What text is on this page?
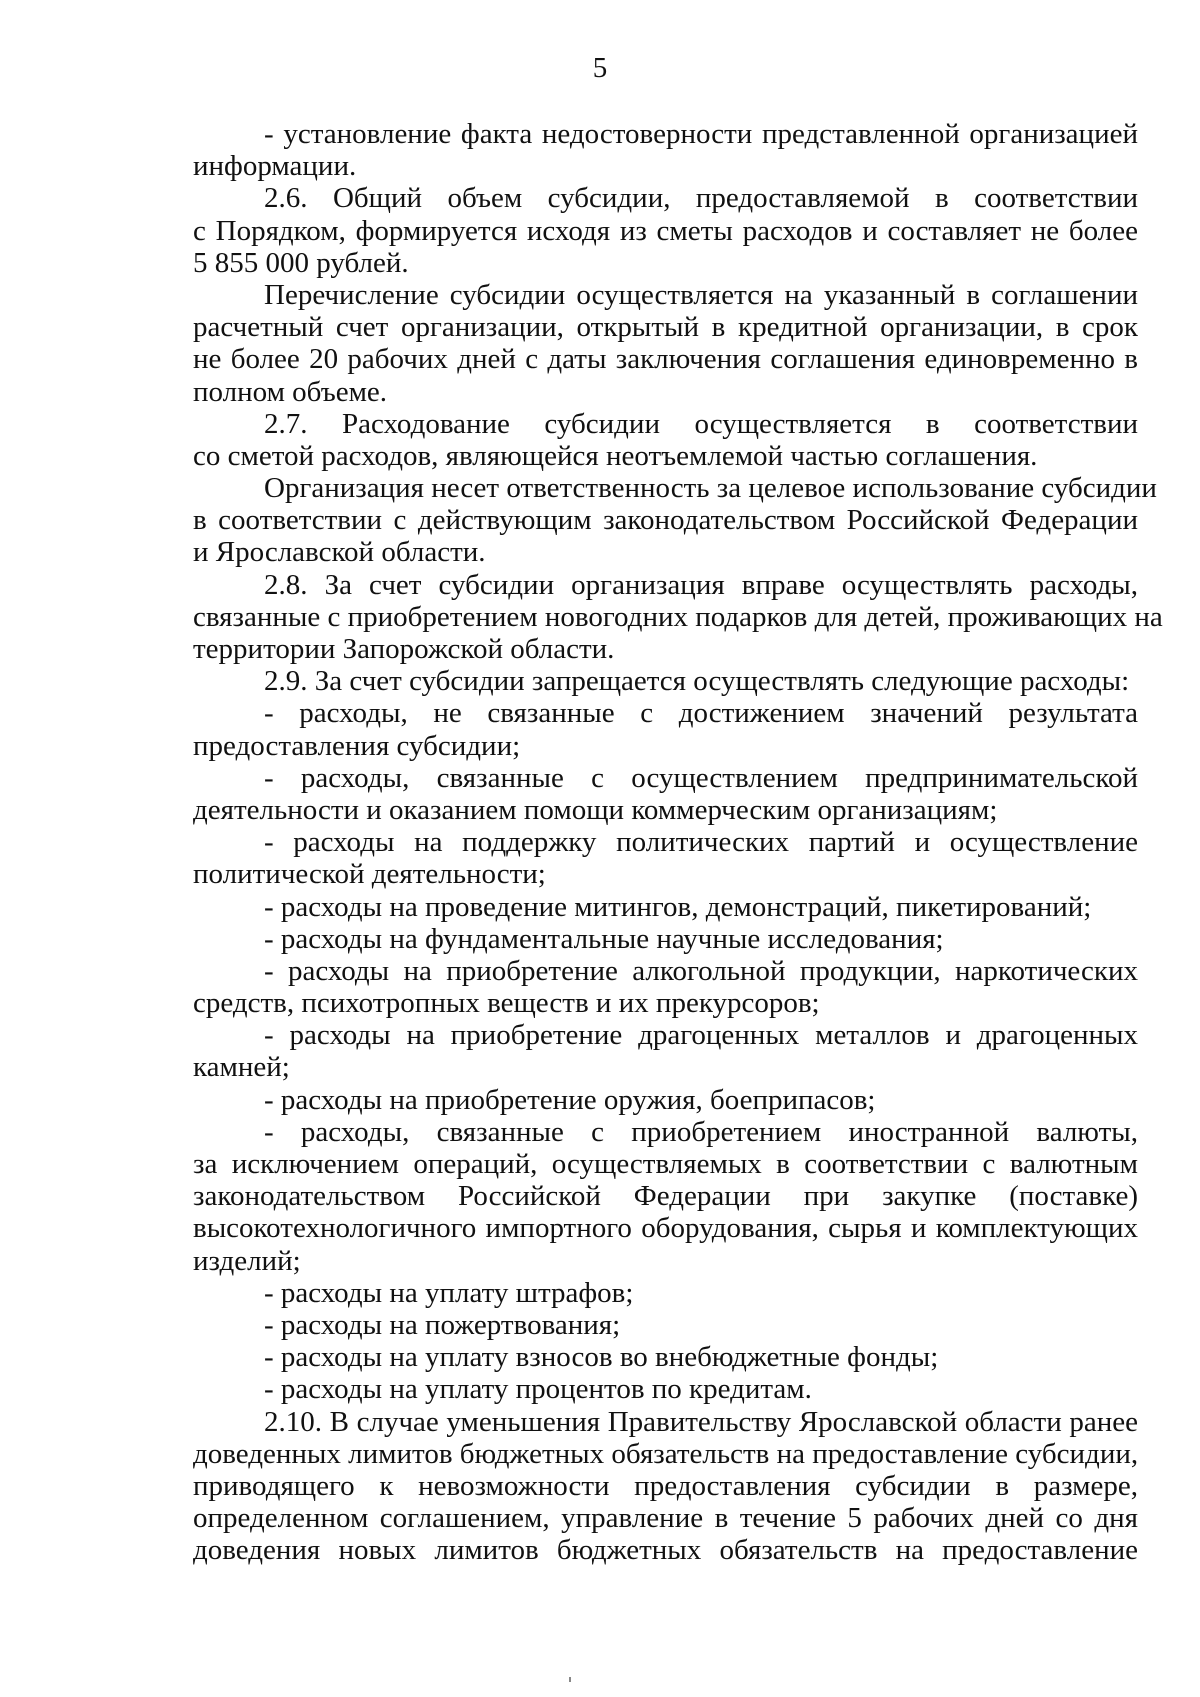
5
- установление факта недостоверности представленной организацией
информации.
2.6. Общий объем субсидии, предоставляемой в соответствии
с Порядком, формируется исходя из сметы расходов и составляет не более
5 855 000 рублей.
Перечисление субсидии осуществляется на указанный в соглашении
расчетный счет организации, открытый в кредитной организации, в срок
не более 20 рабочих дней с даты заключения соглашения единовременно в
полном объеме.
2.7. Расходование субсидии осуществляется в соответствии
со сметой расходов, являющейся неотъемлемой частью соглашения.
Организация несет ответственность за целевое использование субсидии
в соответствии с действующим законодательством Российской Федерации
и Ярославской области.
2.8. За счет субсидии организация вправе осуществлять расходы,
связанные с приобретением новогодних подарков для детей, проживающих на
территории Запорожской области.
2.9. За счет субсидии запрещается осуществлять следующие расходы:
- расходы, не связанные с достижением значений результата
предоставления субсидии;
- расходы, связанные с осуществлением предпринимательской
деятельности и оказанием помощи коммерческим организациям;
- расходы на поддержку политических партий и осуществление
политической деятельности;
- расходы на проведение митингов, демонстраций, пикетирований;
- расходы на фундаментальные научные исследования;
- расходы на приобретение алкогольной продукции, наркотических
средств, психотропных веществ и их прекурсоров;
- расходы на приобретение драгоценных металлов и драгоценных
камней;
- расходы на приобретение оружия, боеприпасов;
- расходы, связанные с приобретением иностранной валюты,
за исключением операций, осуществляемых в соответствии с валютным
законодательством Российской Федерации при закупке (поставке)
высокотехнологичного импортного оборудования, сырья и комплектующих
изделий;
- расходы на уплату штрафов;
- расходы на пожертвования;
- расходы на уплату взносов во внебюджетные фонды;
- расходы на уплату процентов по кредитам.
2.10. В случае уменьшения Правительству Ярославской области ранее
доведенных лимитов бюджетных обязательств на предоставление субсидии,
приводящего к невозможности предоставления субсидии в размере,
определенном соглашением, управление в течение 5 рабочих дней со дня
доведения новых лимитов бюджетных обязательств на предоставление
